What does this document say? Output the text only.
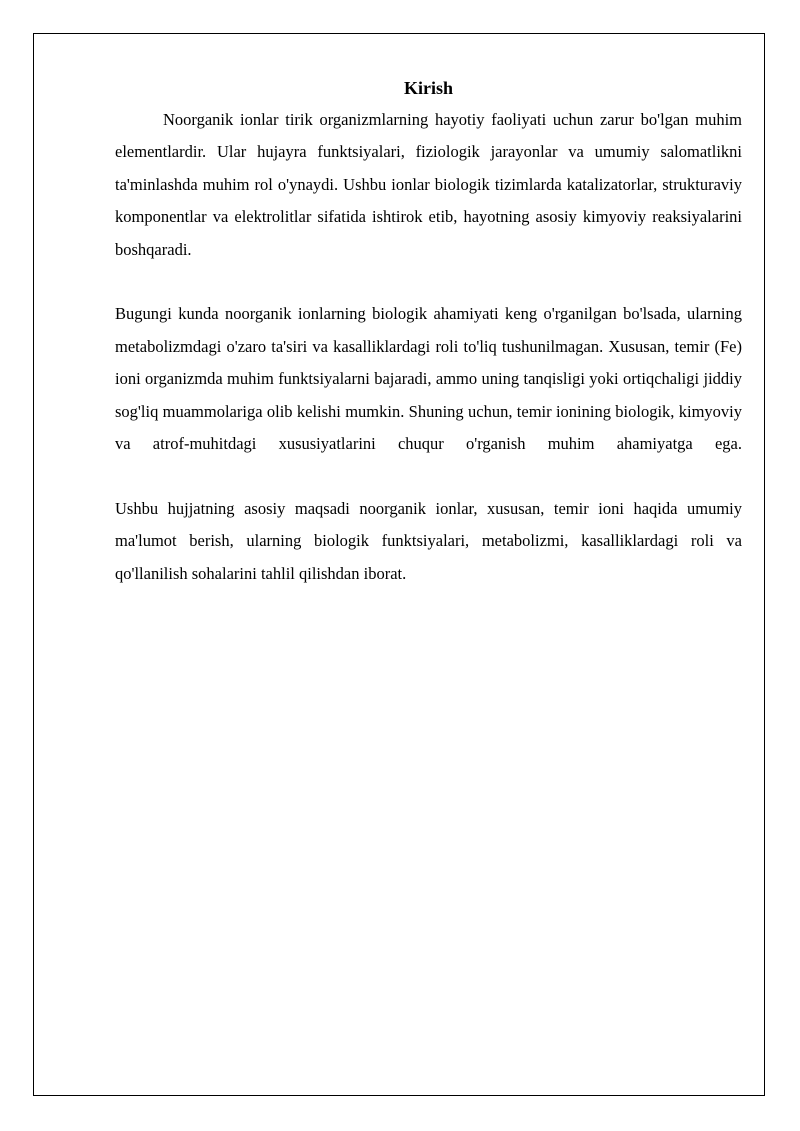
Kirish

Noorganik ionlar tirik organizmlarning hayotiy faoliyati uchun zarur bo'lgan muhim elementlardir. Ular hujayra funktsiyalari, fiziologik jarayonlar va umumiy salomatlikni ta'minlashda muhim rol o'ynaydi. Ushbu ionlar biologik tizimlarda katalizatorlar, strukturaviy komponentlar va elektrolitlar sifatida ishtirok etib, hayotning asosiy kimyoviy reaksiyalarini boshqaradi.

Bugungi kunda noorganik ionlarning biologik ahamiyati keng o'rganilgan bo'lsada, ularning metabolizmdagi o'zaro ta'siri va kasalliklardagi roli to'liq tushunilmagan. Xususan, temir (Fe) ioni organizmda muhim funktsiyalarni bajaradi, ammo uning tanqisligi yoki ortiqchaligi jiddiy sog'liq muammolariga olib kelishi mumkin. Shuning uchun, temir ionining biologik, kimyoviy va atrof-muhitdagi xususiyatlarini chuqur o'rganish muhim ahamiyatga ega.

Ushbu hujjatning asosiy maqsadi noorganik ionlar, xususan, temir ioni haqida umumiy ma'lumot berish, ularning biologik funktsiyalari, metabolizmi, kasalliklardagi roli va qo'llanilish sohalarini tahlil qilishdan iborat.
